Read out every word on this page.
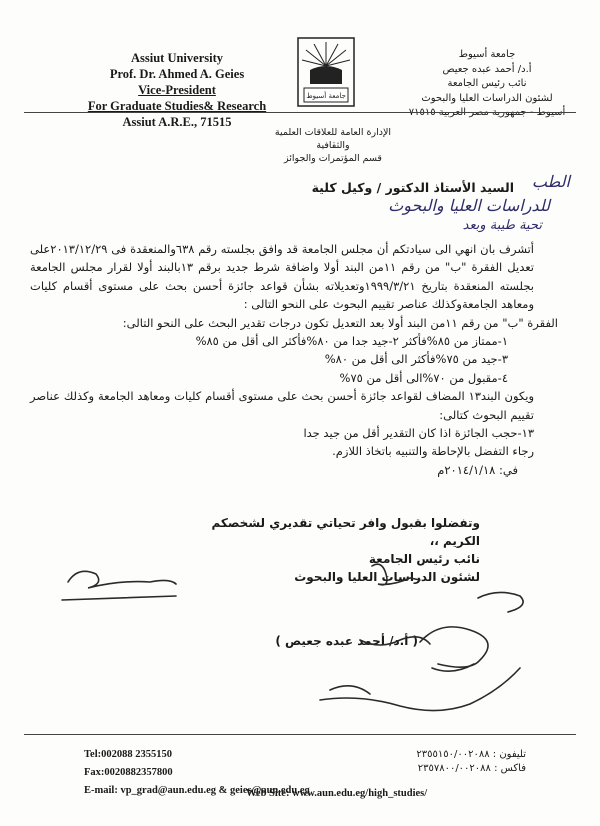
Assiut University
Prof. Dr. Ahmed A. Geies
Vice-President
For Graduate Studies& Research
Assiut A.R.E., 71515
جامعة أسيوط
جامعة أسيوط
أ.د/ أحمد عبده جعيص
نائب رئيس الجامعة
لشئون الدراسات العليا والبحوث
أسيوط - جمهورية مصر العربية ٧١٥١٥
الإدارة العامة للعلاقات العلمية والثقافية
قسم المؤتمرات والجوائز
السيد الأستاذ الدكتور / وكيل كلية الطب
للدراسات العليا والبحوث
تحية طيبة وبعد

أتشرف بان انهي الى سيادتكم أن مجلس الجامعة قد وافق بجلسته رقم ٦٣٨والمنعقدة فى ٢٠١٣/١٢/٢٩على تعديل الفقرة "ب" من رقم ١١من البند أولا واضافة شرط جديد برقم ١٣بالبند أولا لقرار مجلس الجامعة بجلسته المنعقدة بتاريخ ١٩٩٩/٣/٢١وتعديلاته بشأن قواعد جائزة أحسن بحث على مستوى أقسام كليات ومعاهد الجامعةوكذلك عناصر تقييم البحوث على النحو التالى :

الفقرة "ب" من رقم ١١من البند أولا بعد التعديل تكون درجات تقدير البحث على النحو التالى:

١-ممتاز من ٨٥%فأكثر ٢-جيد جدا من ٨٠%فأكثر الى أقل من ٨٥%

٣-جيد من ٧٥%فأكثر الى أقل من ٨٠%

٤-مقبول من ٧٠%الى أقل من ٧٥%

ويكون البند١٣ المضاف لقواعد جائزة أحسن بحث على مستوى أقسام كليات ومعاهد الجامعة وكذلك عناصر تقييم البحوث كتالى:

١٣-حجب الجائزة اذا كان التقدير أقل من جيد جدا

رجاء التفضل بالإحاطة والتنبيه باتخاذ اللازم.

في: ٢٠١٤/١/١٨م

وتفضلوا بقبول وافر تحياتي تقديري لشخصكم الكريم ،،
نائب رئيس الجامعة
لشئون الدراسات العليا والبحوث
( أ.د/ أحمد عبده جعيص )
Tel:002088 2355150
Fax:0020882357800
E-mail: vp_grad@aun.edu.eg & geies@aun.edu.eg
تليفون : ٢٣٥٥١٥٠/٠٠٢٠٨٨
فاكس : ٢٣٥٧٨٠٠/٠٠٢٠٨٨
Web Site: www.aun.edu.eg/high_studies/
